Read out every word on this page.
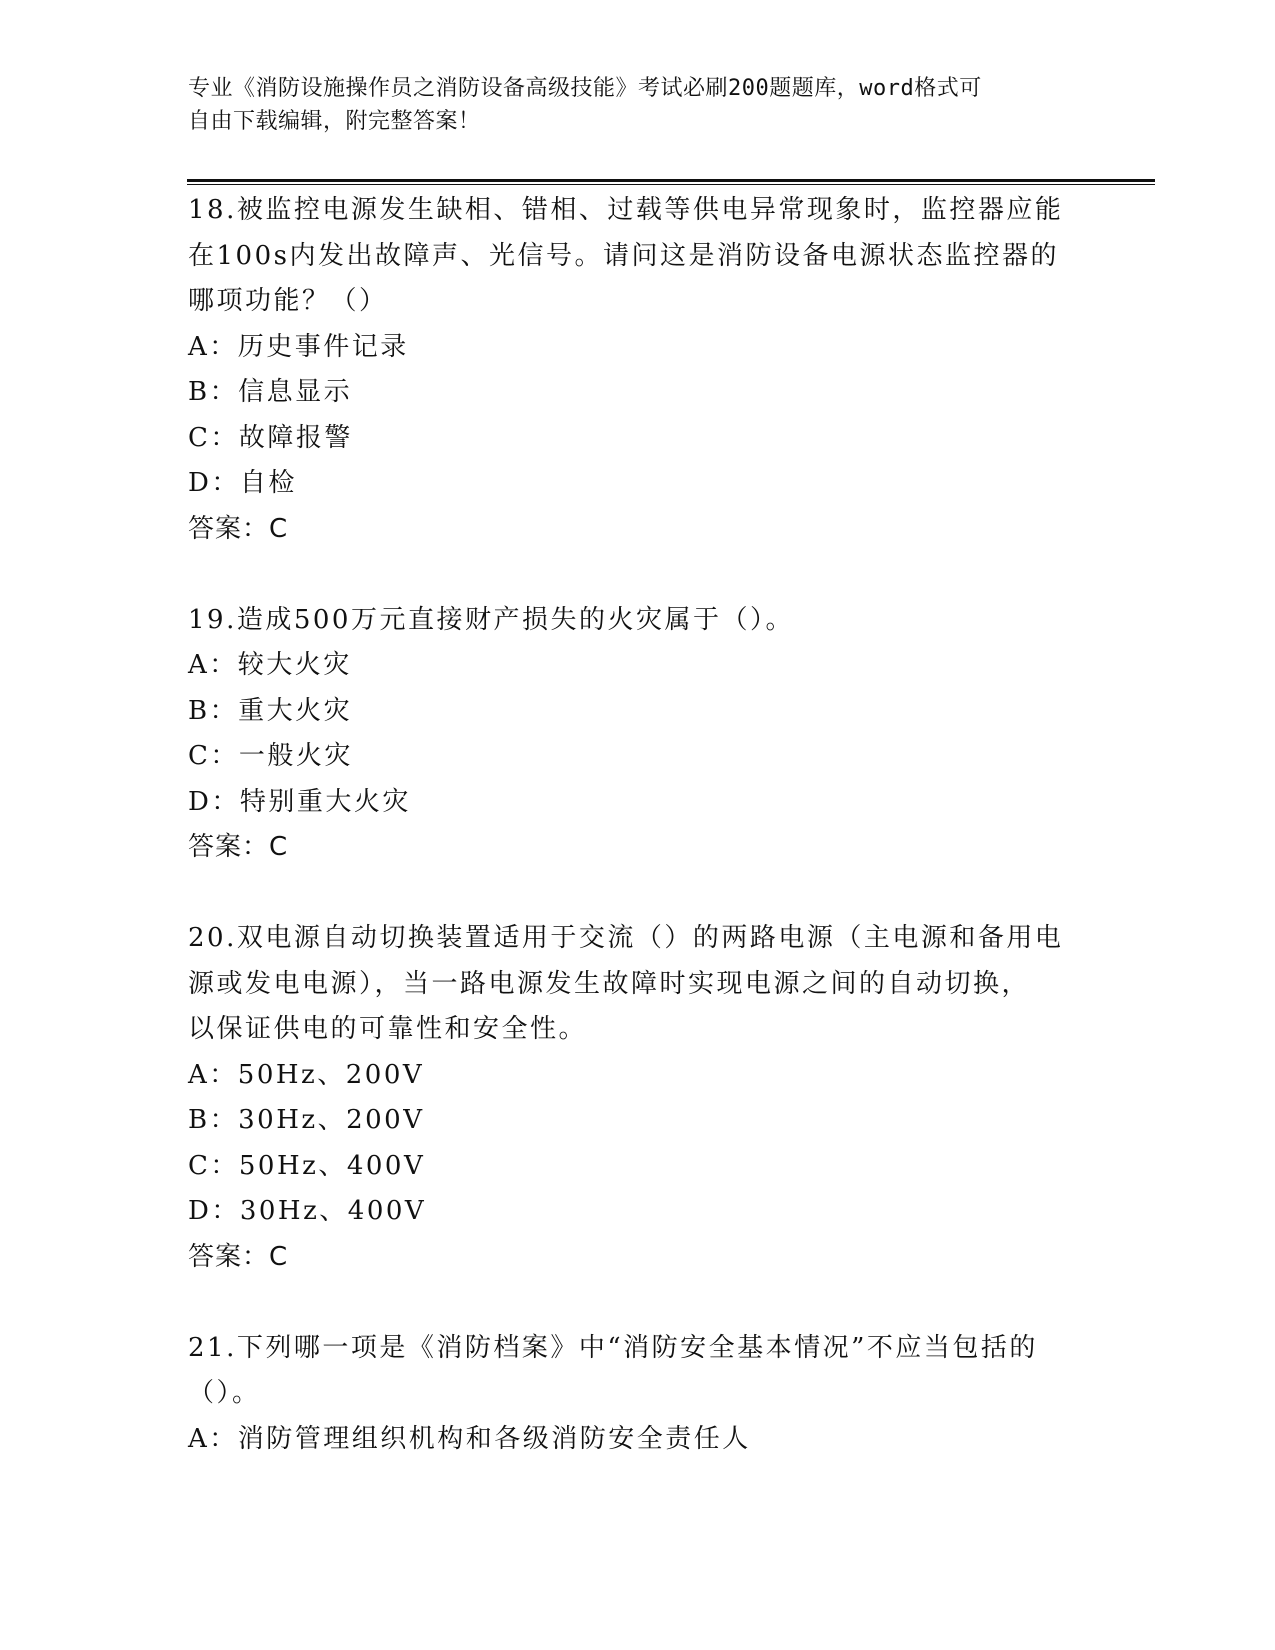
专业《消防设施操作员之消防设备高级技能》考试必刷200题题库，word格式可
自由下载编辑，附完整答案！
18.被监控电源发生缺相、错相、过载等供电异常现象时，监控器应能
在100s内发出故障声、光信号。请问这是消防设备电源状态监控器的
哪项功能？（）
A：历史事件记录
B：信息显示
C：故障报警
D：自检
答案：C
19.造成500万元直接财产损失的火灾属于（）。
A：较大火灾
B：重大火灾
C：一般火灾
D：特别重大火灾
答案：C
20.双电源自动切换装置适用于交流（）的两路电源（主电源和备用电
源或发电电源），当一路电源发生故障时实现电源之间的自动切换，
以保证供电的可靠性和安全性。
A：50Hz、200V
B：30Hz、200V
C：50Hz、400V
D：30Hz、400V
答案：C
21.下列哪一项是《消防档案》中“消防安全基本情况”不应当包括的
（）。
A：消防管理组织机构和各级消防安全责任人
